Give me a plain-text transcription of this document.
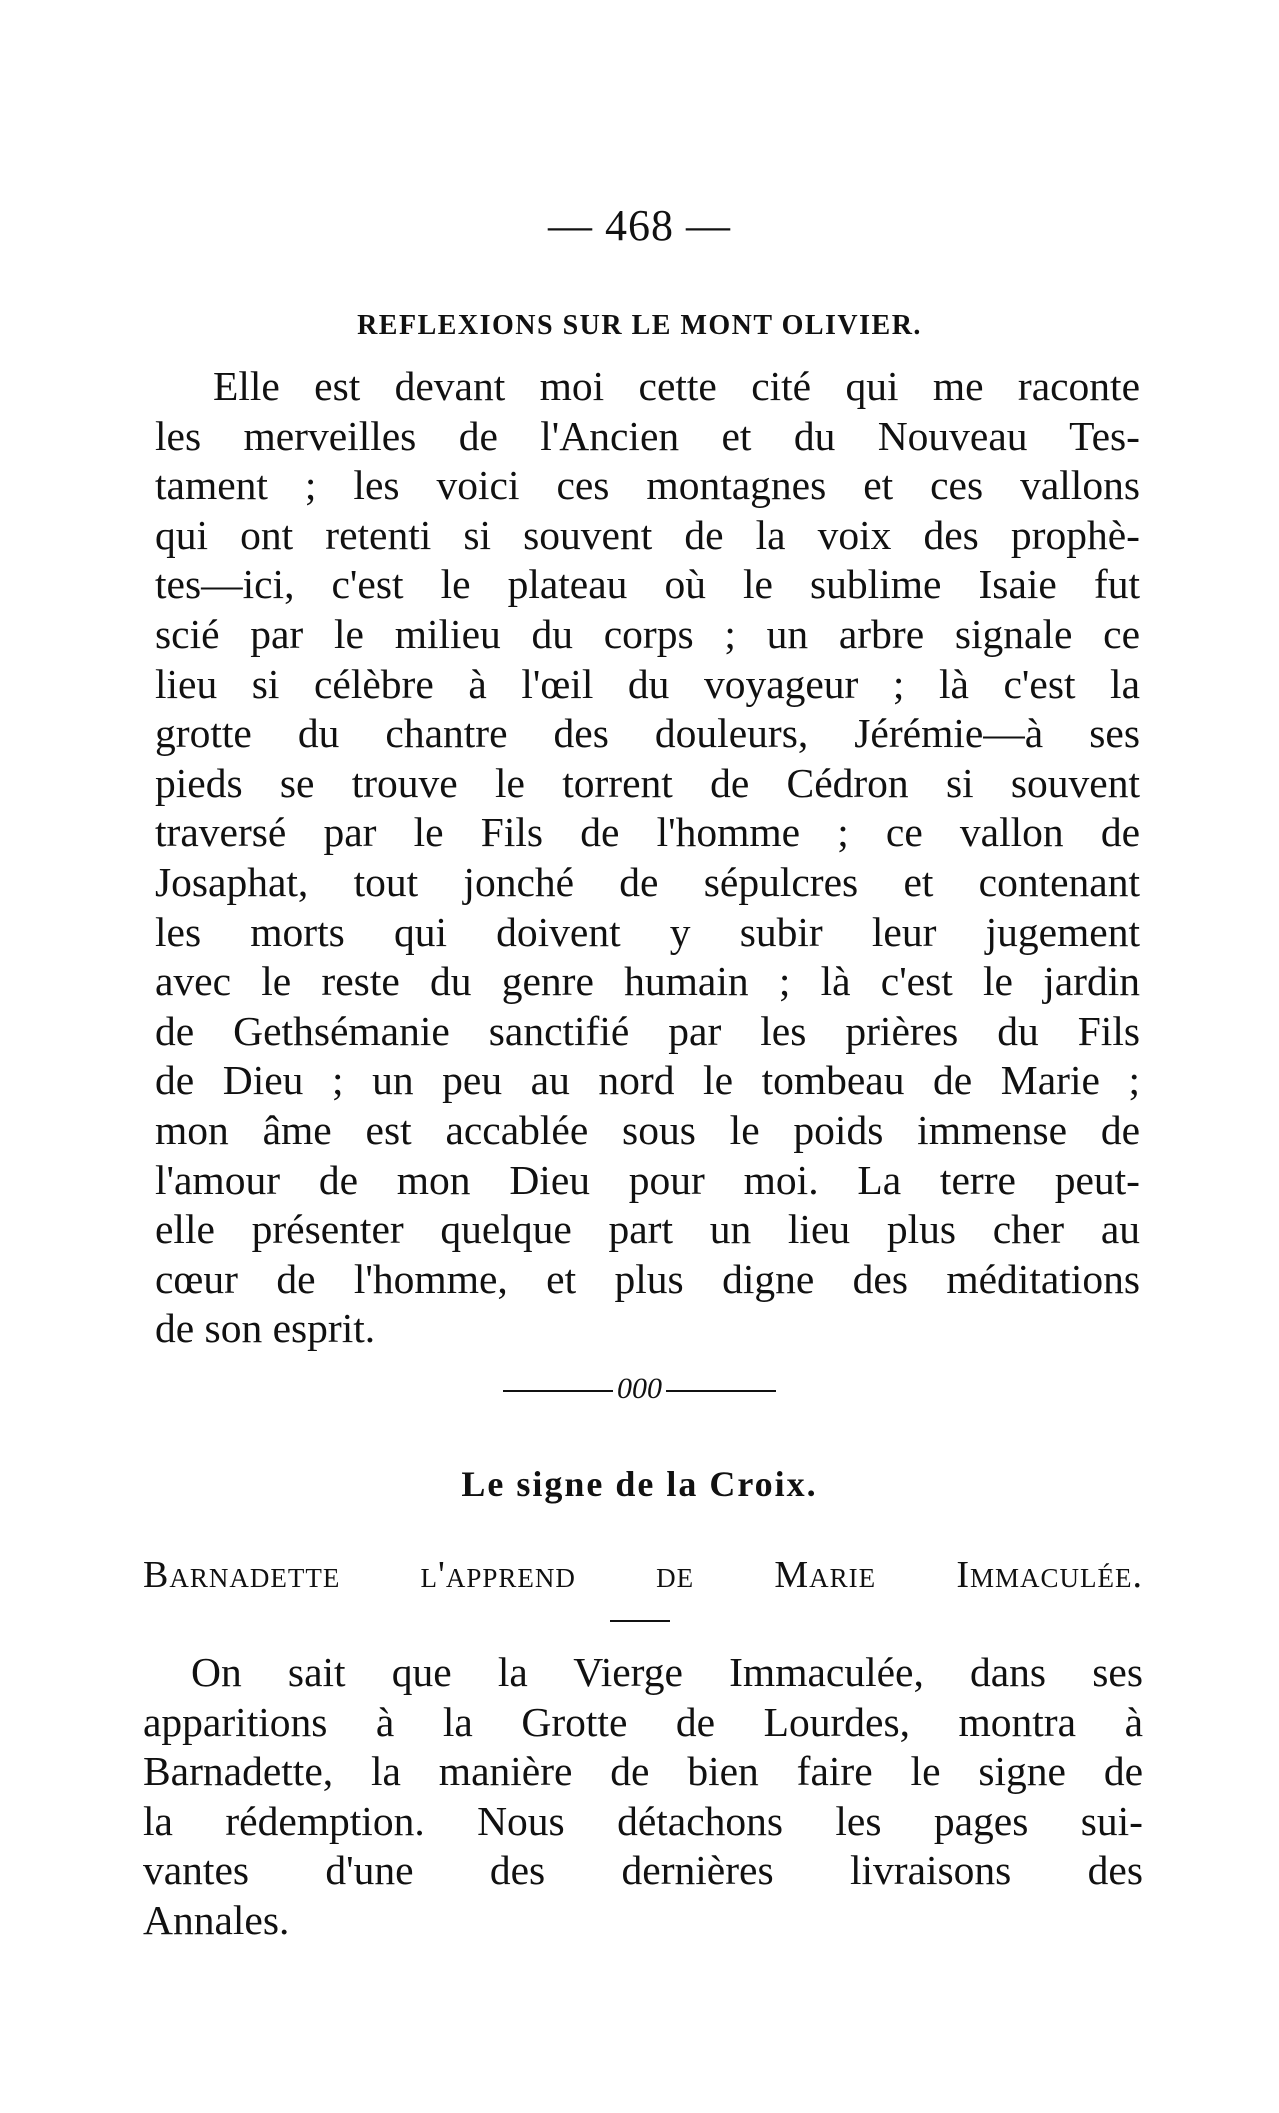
— 468 —
REFLEXIONS SUR LE MONT OLIVIER.
Elle est devant moi cette cité qui me raconte
les merveilles de l'Ancien et du Nouveau Tes-
tament ; les voici ces montagnes et ces vallons
qui ont retenti si souvent de la voix des prophè-
tes—ici, c'est le plateau où le sublime Isaie fut
scié par le milieu du corps ; un arbre signale ce
lieu si célèbre à l'œil du voyageur ; là c'est la
grotte du chantre des douleurs, Jérémie—à ses
pieds se trouve le torrent de Cédron si souvent
traversé par le Fils de l'homme ; ce vallon de
Josaphat, tout jonché de sépulcres et contenant
les morts qui doivent y subir leur jugement
avec le reste du genre humain ; là c'est le jardin
de Gethsémanie sanctifié par les prières du Fils
de Dieu ; un peu au nord le tombeau de Marie ;
mon âme est accablée sous le poids immense de
l'amour de mon Dieu pour moi. La terre peut-
elle présenter quelque part un lieu plus cher au
cœur de l'homme, et plus digne des méditations
de son esprit.
000
Le signe de la Croix.
Barnadette l'apprend de Marie Immaculée.
On sait que la Vierge Immaculée, dans ses
apparitions à la Grotte de Lourdes, montra à
Barnadette, la manière de bien faire le signe de
la rédemption. Nous détachons les pages sui-
vantes d'une des dernières livraisons des
Annales.
